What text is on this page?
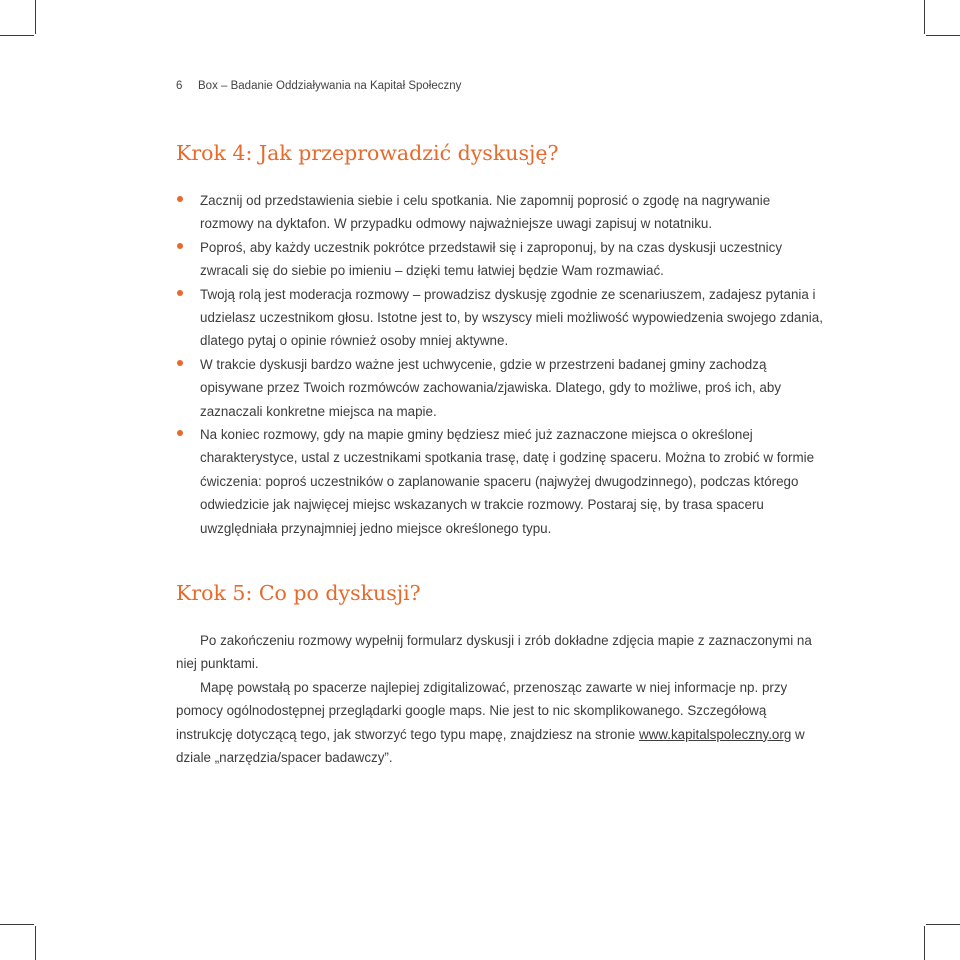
6 Box – Badanie Oddziaływania na Kapitał Społeczny
Krok 4: Jak przeprowadzić dyskusję?
Zacznij od przedstawienia siebie i celu spotkania. Nie zapomnij poprosić o zgodę na nagrywanie rozmowy na dyktafon. W przypadku odmowy najważniejsze uwagi zapisuj w notatniku.
Poproś, aby każdy uczestnik pokrótce przedstawił się i zaproponuj, by na czas dyskusji uczestnicy zwracali się do siebie po imieniu – dzięki temu łatwiej będzie Wam rozmawiać.
Twoją rolą jest moderacja rozmowy – prowadzisz dyskusję zgodnie ze scenariuszem, zadajesz pytania i udzielasz uczestnikom głosu. Istotne jest to, by wszyscy mieli możliwość wypowiedzenia swojego zdania, dlatego pytaj o opinie również osoby mniej aktywne.
W trakcie dyskusji bardzo ważne jest uchwycenie, gdzie w przestrzeni badanej gminy zachodzą opisywane przez Twoich rozmówców zachowania/zjawiska. Dlatego, gdy to możliwe, proś ich, aby zaznaczali konkretne miejsca na mapie.
Na koniec rozmowy, gdy na mapie gminy będziesz mieć już zaznaczone miejsca o określonej charakterystyce, ustal z uczestnikami spotkania trasę, datę i godzinę spaceru. Można to zrobić w formie ćwiczenia: poproś uczestników o zaplanowanie spaceru (najwyżej dwugodzinnego), podczas którego odwiedzicie jak najwięcej miejsc wskazanych w trakcie rozmowy. Postaraj się, by trasa spaceru uwzględniała przynajmniej jedno miejsce określonego typu.
Krok 5: Co po dyskusji?

Po zakończeniu rozmowy wypełnij formularz dyskusji i zrób dokładne zdjęcia mapie z zaznaczonymi na niej punktami.

Mapę powstałą po spacerze najlepiej zdigitalizować, przenosząc zawarte w niej informacje np. przy pomocy ogólnodostępnej przeglądarki google maps. Nie jest to nic skomplikowanego. Szczegółową instrukcję dotyczącą tego, jak stworzyć tego typu mapę, znajdziesz na stronie www.kapitalspoleczny.org w dziale „narzędzia/spacer badawczy”.
